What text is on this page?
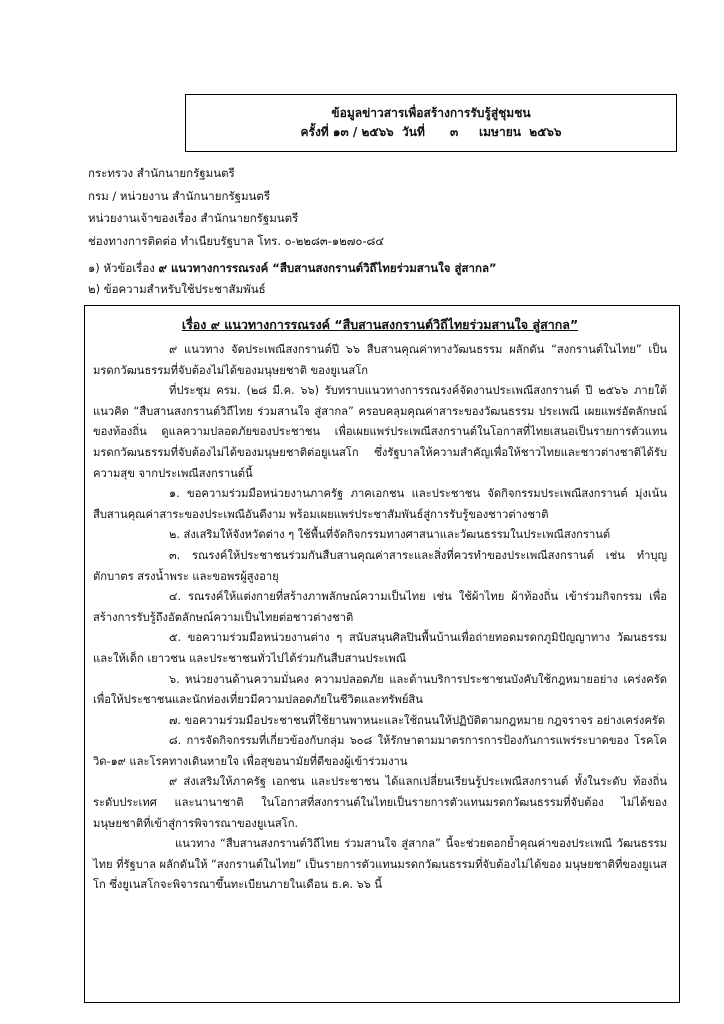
ข้อมูลข่าวสารเพื่อสร้างการรับรู้สู่ชุมชน
ครั้งที่ ๑๓ / ๒๕๖๖  วันที่      ๓     เมษายน  ๒๕๖๖
กระทรวง สำนักนายกรัฐมนตรี
กรม / หน่วยงาน สำนักนายกรัฐมนตรี
หน่วยงานเจ้าของเรื่อง สำนักนายกรัฐมนตรี
ช่องทางการติดต่อ ทำเนียบรัฐบาล โทร. ๐-๒๒๘๓-๑๒๗๐-๘๔
๑) หัวข้อเรื่อง ๙ แนวทางการรณรงค์ “สืบสานสงกรานต์วิถีไทยร่วมสานใจ สู่สากล”
๒) ข้อความสำหรับใช้ประชาสัมพันธ์
เรื่อง ๙ แนวทางการรณรงค์ “สืบสานสงกรานต์วิถีไทยร่วมสานใจ สู่สากล”

๙ แนวทาง จัดประเพณีสงกรานต์ปี ๖๖ สืบสานคุณค่าทางวัฒนธรรม ผลักดัน “สงกรานต์ในไทย” เป็นมรดกวัฒนธรรมที่จับต้องไม่ได้ของมนุษยชาติ ของยูเนสโก

ที่ประชุม ครม. (๒๘ มี.ค. ๖๖) รับทราบแนวทางการรณรงค์จัดงานประเพณีสงกรานต์ ปี ๒๕๖๖ ภายใต้แนวคิด “สืบสานสงกรานต์วิถีไทย ร่วมสานใจ สู่สากล” ครอบคลุมคุณค่าสาระของวัฒนธรรม ประเพณี เผยแพร่อัตลักษณ์ของท้องถิ่น ดูแลความปลอดภัยของประชาชน เพื่อเผยแพร่ประเพณีสงกรานต์ในโอกาสที่ไทยเสนอเป็นรายการตัวแทนมรดกวัฒนธรรมที่จับต้องไม่ได้ของมนุษยชาติต่อยูเนสโก ซึ่งรัฐบาลให้ความสำคัญเพื่อให้ชาวไทยและชาวต่างชาติได้รับความสุข จากประเพณีสงกรานต์นี้

๑. ขอความร่วมมือหน่วยงานภาครัฐ ภาคเอกชน และประชาชน จัดกิจกรรมประเพณีสงกรานต์ มุ่งเน้นสืบสานคุณค่าสาระของประเพณีอันดีงาม พร้อมเผยแพร่ประชาสัมพันธ์สู่การรับรู้ของชาวต่างชาติ

๒. ส่งเสริมให้จังหวัดต่าง ๆ ใช้พื้นที่จัดกิจกรรมทางศาสนาและวัฒนธรรมในประเพณีสงกรานต์

๓. รณรงค์ให้ประชาชนร่วมกันสืบสานคุณค่าสาระและสิ่งที่ควรทำของประเพณีสงกรานต์ เช่น ทำบุญตักบาตร สรงน้ำพระ และขอพรผู้สูงอายุ

๔. รณรงค์ให้แต่งกายที่สร้างภาพลักษณ์ความเป็นไทย เช่น ใช้ผ้าไทย ผ้าท้องถิ่น เข้าร่วมกิจกรรม เพื่อสร้างการรับรู้ถึงอัตลักษณ์ความเป็นไทยต่อชาวต่างชาติ

๕. ขอความร่วมมือหน่วยงานต่าง ๆ สนับสนุนศิลปินพื้นบ้านเพื่อถ่ายทอดมรดกภูมิปัญญาทาง วัฒนธรรม และให้เด็ก เยาวชน และประชาชนทั่วไปได้ร่วมกันสืบสานประเพณี

๖. หน่วยงานด้านความมั่นคง ความปลอดภัย และด้านบริการประชาชนบังคับใช้กฎหมายอย่าง เคร่งครัด เพื่อให้ประชาชนและนักท่องเที่ยวมีความปลอดภัยในชีวิตและทรัพย์สิน

๗. ขอความร่วมมือประชาชนที่ใช้ยานพาหนะและใช้ถนนให้ปฏิบัติตามกฎหมาย กฎจราจร อย่างเคร่งครัด

๘. การจัดกิจกรรมที่เกี่ยวข้องกับกลุ่ม ๖๐๘ ให้รักษาตามมาตรการการป้องกันการแพร่ระบาดของ โรคโควิด-๑๙ และโรคทางเดินหายใจ เพื่อสุขอนามัยที่ดีของผู้เข้าร่วมงาน

๙ ส่งเสริมให้ภาครัฐ เอกชน และประชาชน ได้แลกเปลี่ยนเรียนรู้ประเพณีสงกรานต์ ทั้งในระดับ ท้องถิ่น ระดับประเทศ และนานาชาติ ในโอกาสที่สงกรานต์ในไทยเป็นรายการตัวแทนมรดกวัฒนธรรมที่จับต้อง ไม่ได้ของมนุษยชาติที่เข้าสู่การพิจารณาของยูเนสโก.

แนวทาง “สืบสานสงกรานต์วิถีไทย ร่วมสานใจ สู่สากล” นี้จะช่วยตอกย้ำคุณค่าของประเพณี วัฒนธรรมไทย ที่รัฐบาล ผลักดันให้ “สงกรานต์ในไทย” เป็นรายการตัวแทนมรดกวัฒนธรรมที่จับต้องไม่ได้ของ มนุษยชาติที่ของยูเนสโก ซึ่งยูเนสโกจะพิจารณาขึ้นทะเบียนภายในเดือน ธ.ค. ๖๖ นี้
